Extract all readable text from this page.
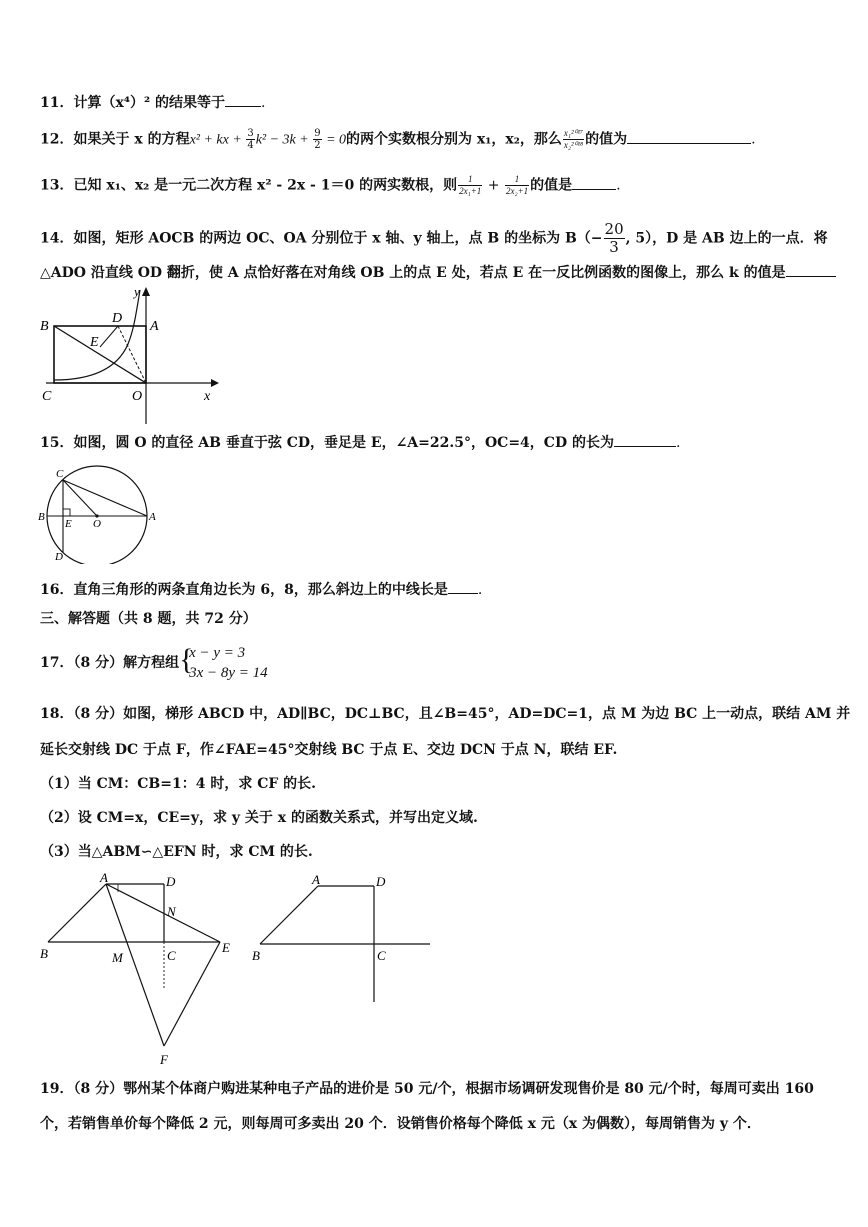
11．计算（x⁴）² 的结果等于	.
12．如果关于 x 的方程x² + kx + $\frac{3}{4} k^2 - 3k + \frac{9}{2} = 0$的两个实数根分别为 x₁，x₂，那么 $\frac{\text{x₁²⁰¹⁷}}{\text{x₂²⁰¹⁸}}$ 的值为	.
13．已知 x₁、x₂ 是一元二次方程 x² - 2x - 1＝0 的两实数根，则 $\frac{1}{\text{2x₁+1}} + \frac{1}{\text{2x₂+1}}$ 的值是	.
14．如图，矩形 AOCB 的两边 OC、OA 分别位于 x 轴、y 轴上，点 B 的坐标为 $B(- \frac{20}{3}$ , 5），D 是 AB 边上的一点．将
△ADO 沿直线 OD 翻折，使 A 点恰好落在对角线 OB 上的点 E 处，若点 E 在一反比例函数的图像上，那么 k 的值是
B
D
A
E
C	O	x
y
15．如图，圆 O 的直径 AB 垂直于弦 CD，垂足是 E，∠A=22.5°，OC=4，CD 的长为	.
C
B
E O
A
D
16．直角三角形的两条直角边长为 6，8，那么斜边上的中线长是 .
三、解答题（共 8 题，共 72 分）
17．（8 分）解方程组 {
x − y = 3
3x − 8y = 14
18．（8 分）如图，梯形 ABCD 中，AD∥BC，DC⊥BC，且∠B=45°，AD=DC=1，点 M 为边 BC 上一动点，联结 AM 并
延长交射线 DC 于点 F，作∠FAE=45°交射线 BC 于点 E、交边 DCN 于点 N，联结 EF.
（1）当 CM：CB=1：4 时，求 CF 的长.
（2）设 CM=x，CE=y，求 y 关于 x 的函数关系式，并写出定义域.
（3）当△ABM∽△EFN 时，求 CM 的长.
A	D
N
B	M	C
E
F
A	D
B	C
19．（8 分）鄂州某个体商户购进某种电子产品的进价是 50 元/个，根据市场调研发现售价是 80 元/个时，每周可卖出 160
个，若销售单价每个降低 2 元，则每周可多卖出 20 个．设销售价格每个降低 x 元（x 为偶数），每周销售为 y 个．
